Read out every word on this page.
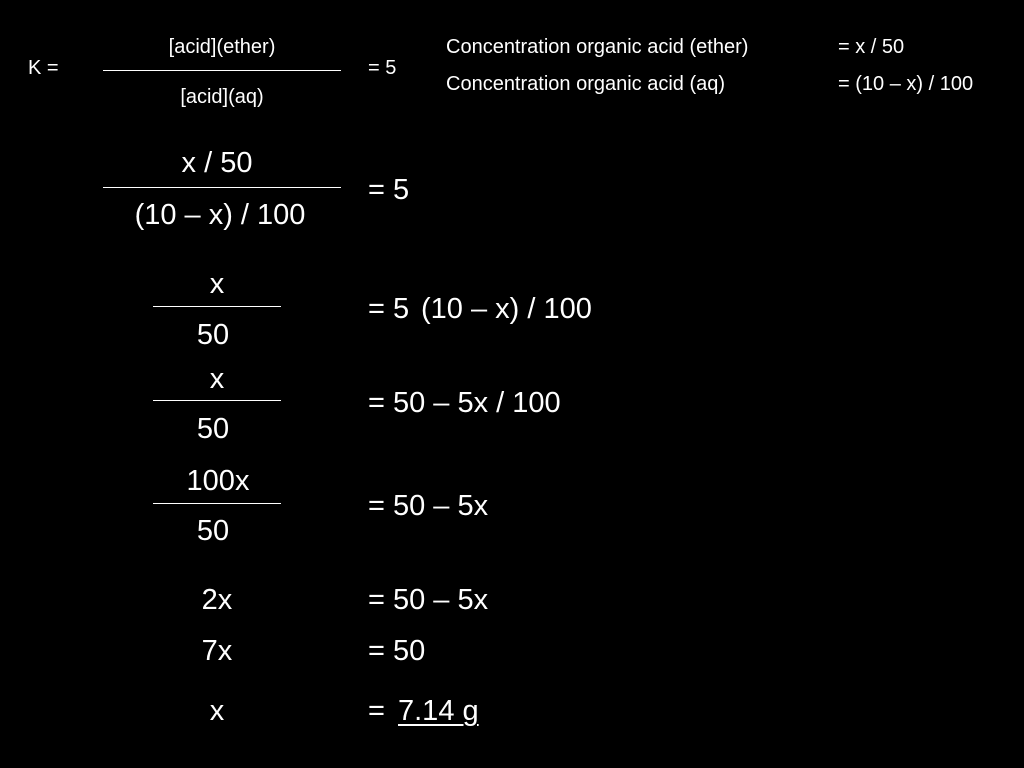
K =
[acid](ether)
[acid](aq)
= 5
Concentration organic acid (ether)	= x / 50
Concentration organic acid (aq)	= (10 – x) / 100
x / 50
(10 – x) / 100
= 5
x
50
= 5 (10 – x) / 100
x
50
= 50 – 5x / 100
100x
50
= 50 – 5x
2x	= 50 – 5x
7x	= 50
x	= 7.14 g
